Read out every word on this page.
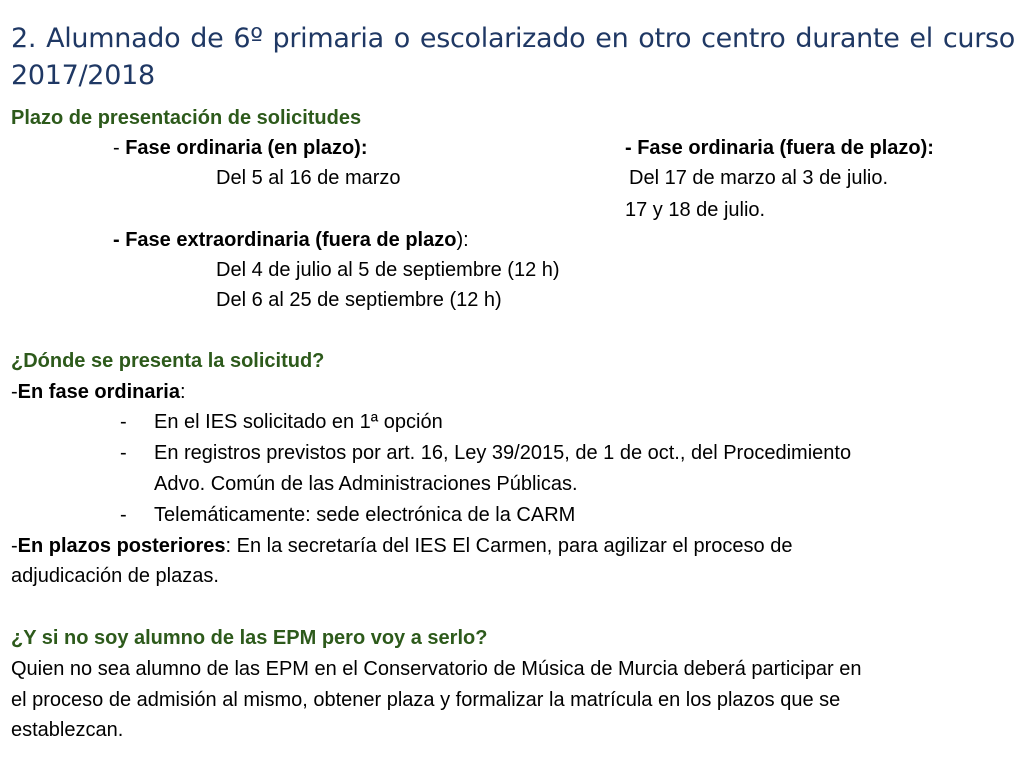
2. Alumnado de 6º primaria o escolarizado en otro centro durante el curso 2017/2018
Plazo de presentación de solicitudes
- Fase ordinaria (en plazo):	- Fase ordinaria (fuera de plazo):
Del 5 al 16 de marzo	Del 17 de marzo al 3 de julio.
17 y 18 de julio.
- Fase extraordinaria (fuera de plazo):
Del 4 de julio al 5 de septiembre (12 h)
Del 6 al 25 de septiembre (12 h)
¿Dónde se presenta la solicitud?
-En fase ordinaria:
- En el IES solicitado en 1ª opción
- En registros previstos por art. 16, Ley 39/2015, de 1 de oct., del Procedimiento
Advo. Común de las Administraciones Públicas.
- Telemáticamente: sede electrónica de la CARM
-En plazos posteriores: En la secretaría del IES El Carmen, para agilizar el proceso de
adjudicación de plazas.
¿Y si no soy alumno de las EPM pero voy a serlo?
Quien no sea alumno de las EPM en el Conservatorio de Música de Murcia deberá participar en
el proceso de admisión al mismo, obtener plaza y formalizar la matrícula en los plazos que se
establezcan.
